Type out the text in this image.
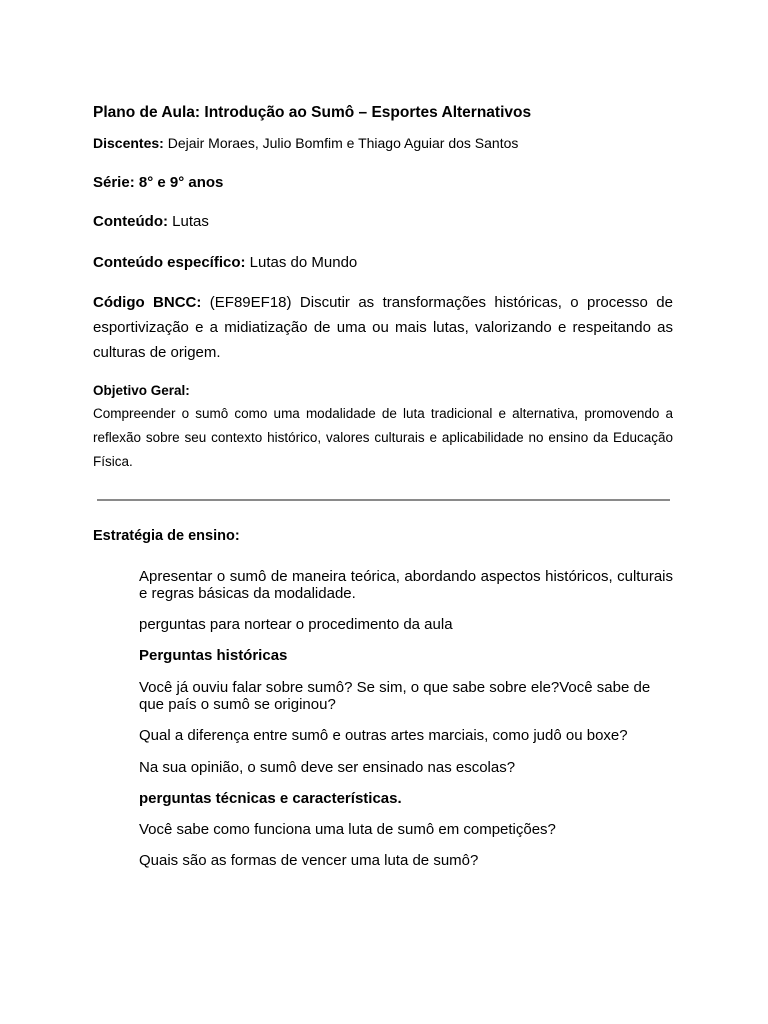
Plano de Aula: Introdução ao Sumô – Esportes Alternativos
Discentes: Dejair Moraes, Julio Bomfim e Thiago Aguiar dos Santos
Série: 8° e 9° anos
Conteúdo: Lutas
Conteúdo específico: Lutas do Mundo
Código BNCC: (EF89EF18) Discutir as transformações históricas, o processo de esportivização e a midiatização de uma ou mais lutas, valorizando e respeitando as culturas de origem.
Objetivo Geral:
Compreender o sumô como uma modalidade de luta tradicional e alternativa, promovendo a reflexão sobre seu contexto histórico, valores culturais e aplicabilidade no ensino da Educação Física.
Estratégia de ensino:
Apresentar o sumô de maneira teórica, abordando aspectos históricos, culturais e regras básicas da modalidade.
perguntas para nortear o procedimento da aula
Perguntas históricas
Você já ouviu falar sobre sumô? Se sim, o que sabe sobre ele?Você sabe de que país o sumô se originou?
Qual a diferença entre sumô e outras artes marciais, como judô ou boxe?
Na sua opinião, o sumô deve ser ensinado nas escolas?
perguntas técnicas e características.
Você sabe como funciona uma luta de sumô em competições?
Quais são as formas de vencer uma luta de sumô?
